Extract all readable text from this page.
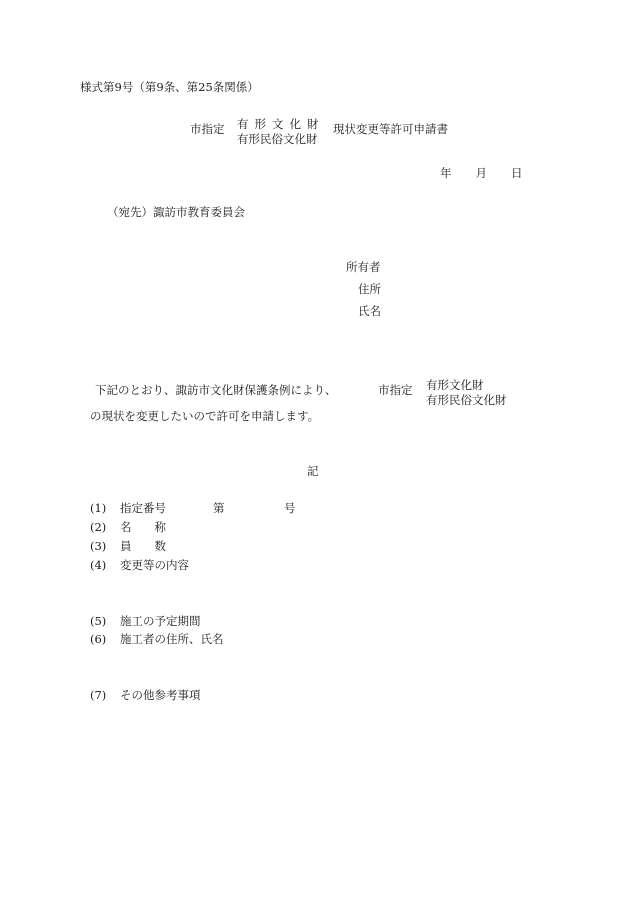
様式第9号（第9条、第25条関係）
市指定 有形文化財
有形民俗文化財
現状変更等許可申請書
年 月 日
（宛先）諏訪市教育委員会
所有者
住所
氏名
下記のとおり、諏訪市文化財保護条例により、	市指定 有形文化財
有形民俗文化財
の現状を変更したいので許可を申請します。
記
(1) 指定番号	第	号
(2) 名　　称
(3) 員　　数
(4) 変更等の内容
(5) 施工の予定期間
(6) 施工者の住所、氏名
(7) その他参考事項
